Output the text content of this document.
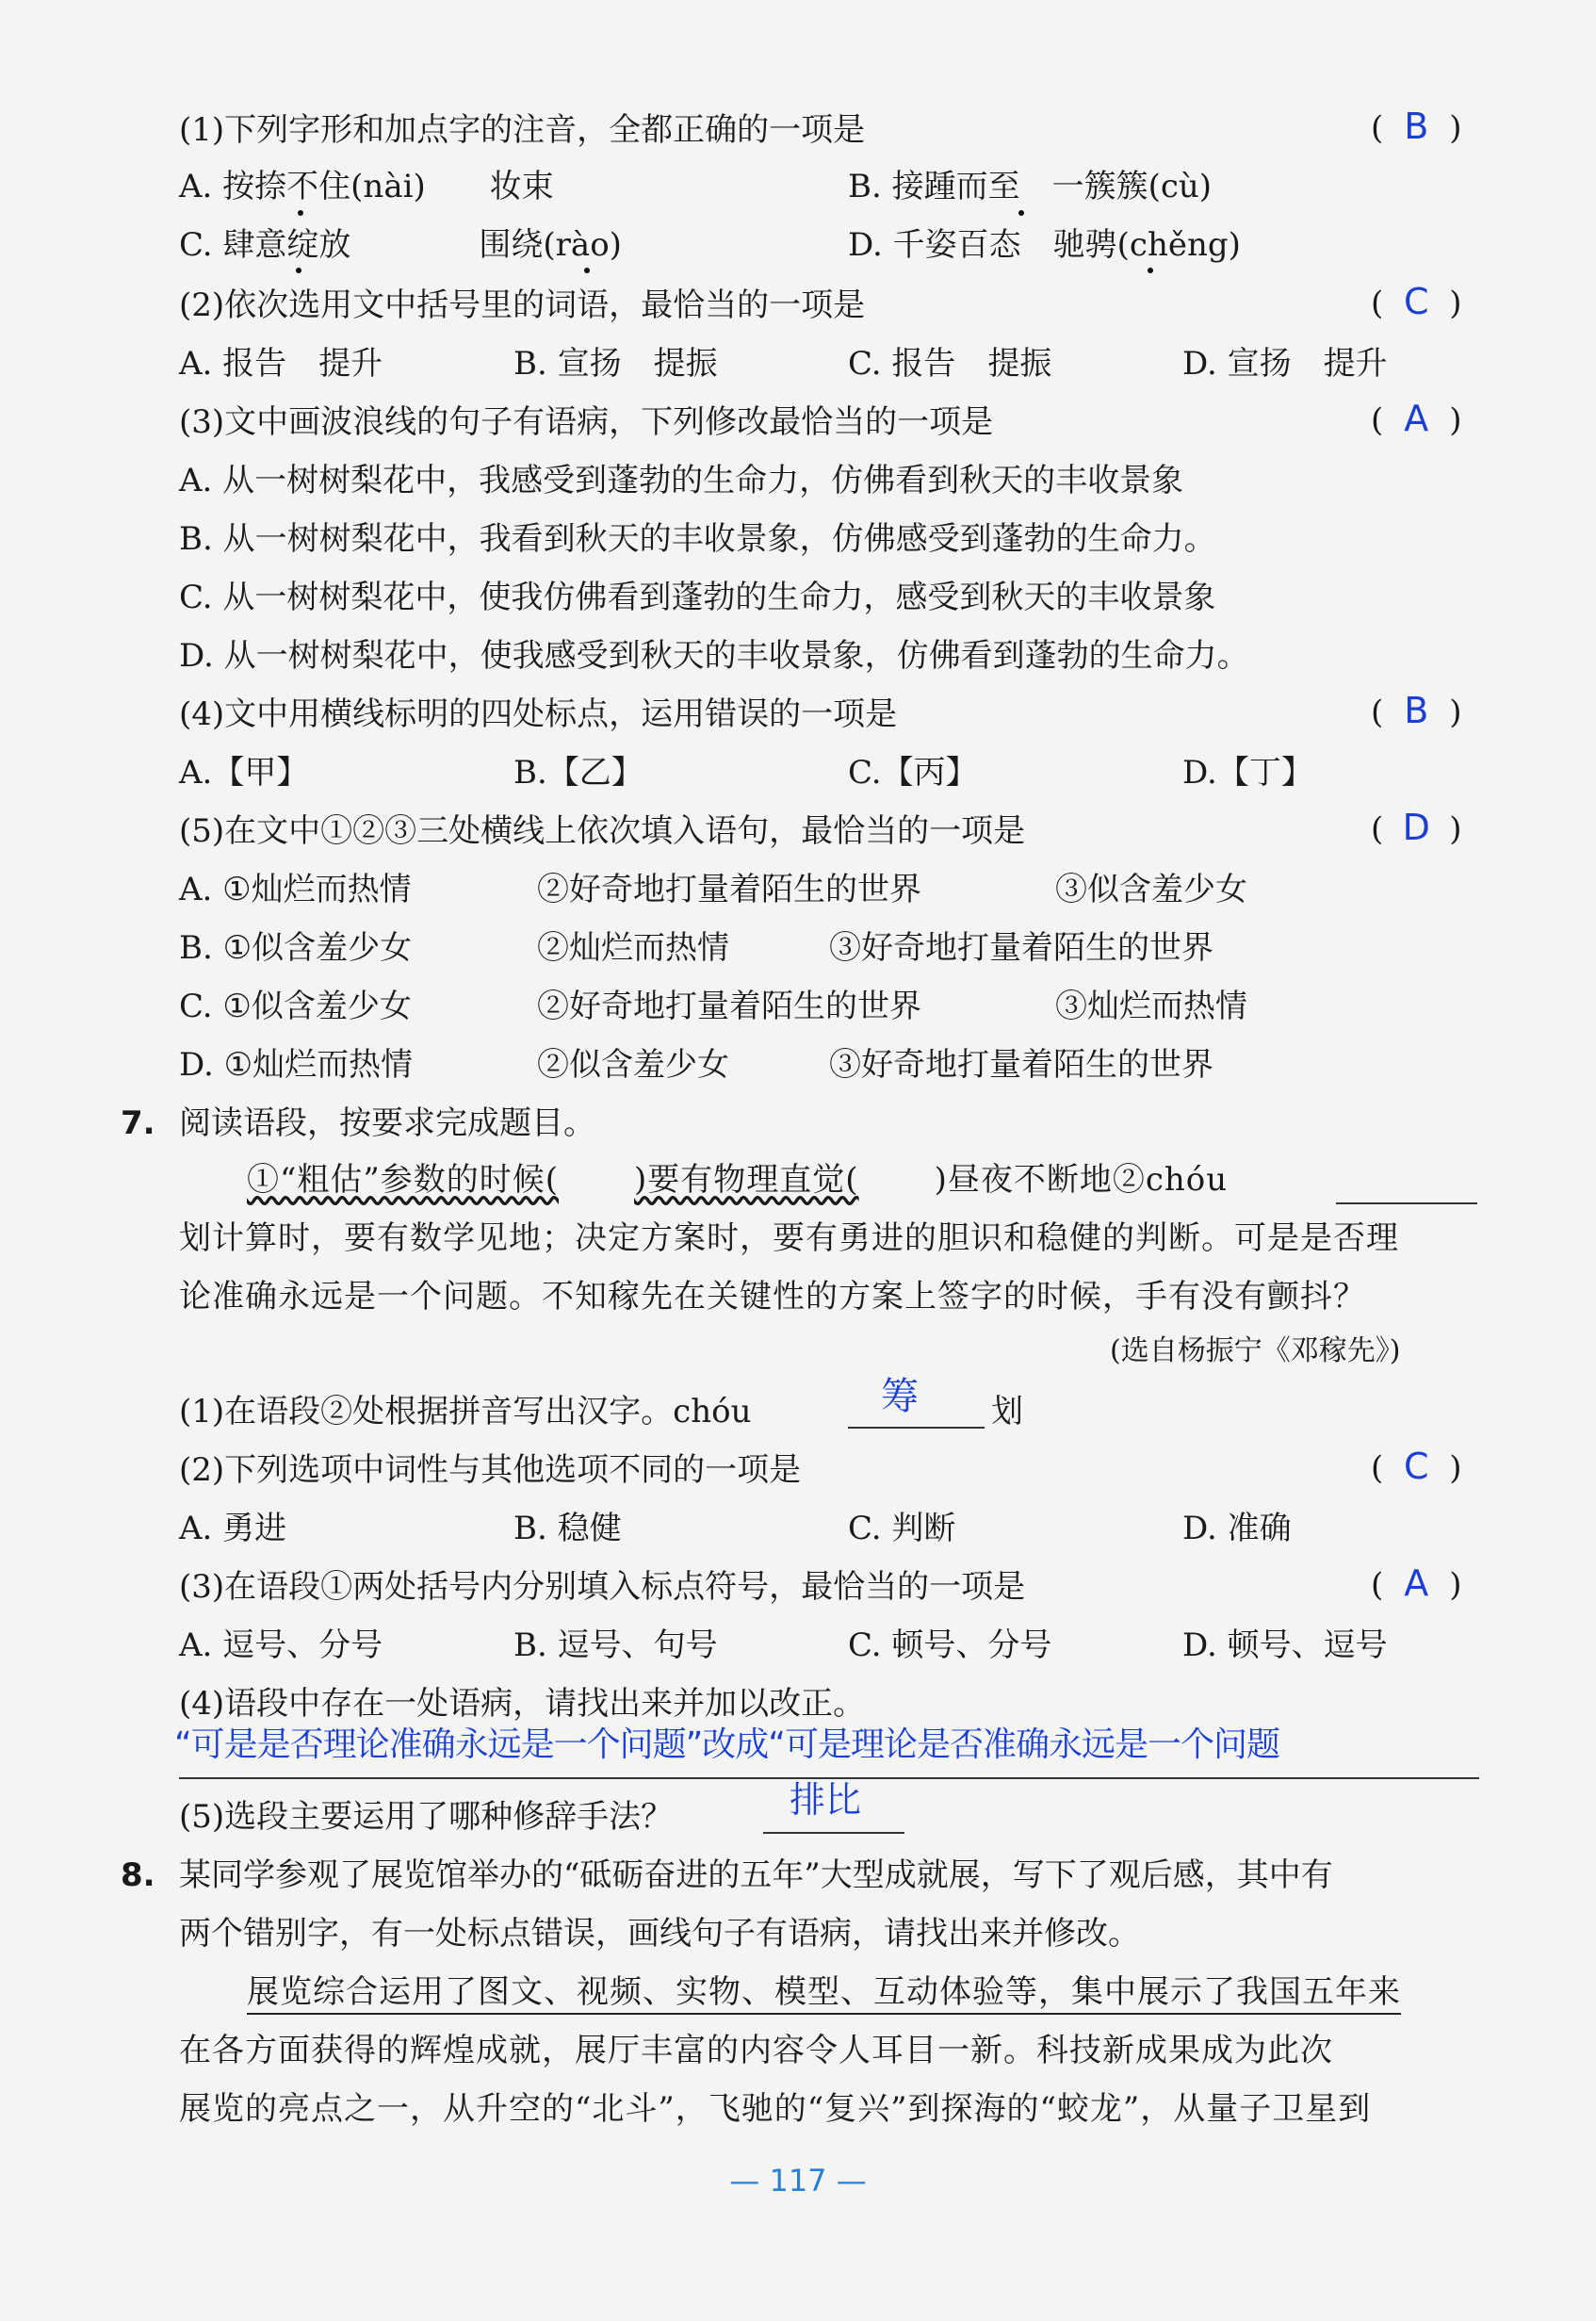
(1)下列字形和加点字的注音，全都正确的一项是	( B )
A. 按捺不住(nài)　　妆束	B. 接踵而至　一簇簇(cù)
C. 肆意绽放　　　　围绕(rào)	D. 千姿百态　驰骋(chěng)
(2)依次选用文中括号里的词语，最恰当的一项是	( C )
A. 报告　提升	B. 宣扬　提振	C. 报告　提振	D. 宣扬　提升
(3)文中画波浪线的句子有语病，下列修改最恰当的一项是	( A )
A. 从一树树梨花中，我感受到蓬勃的生命力，仿佛看到秋天的丰收景象
B. 从一树树梨花中，我看到秋天的丰收景象，仿佛感受到蓬勃的生命力。
C. 从一树树梨花中，使我仿佛看到蓬勃的生命力，感受到秋天的丰收景象
D. 从一树树梨花中，使我感受到秋天的丰收景象，仿佛看到蓬勃的生命力。
(4)文中用横线标明的四处标点，运用错误的一项是	( B )
A.【甲】	B.【乙】	C.【丙】	D.【丁】
(5)在文中①②③三处横线上依次填入语句，最恰当的一项是	( D )
A. ①灿烂而热情	②好奇地打量着陌生的世界	③似含羞少女
B. ①似含羞少女	②灿烂而热情	③好奇地打量着陌生的世界
C. ①似含羞少女	②好奇地打量着陌生的世界	③灿烂而热情
D. ①灿烂而热情	②似含羞少女	③好奇地打量着陌生的世界
7. 阅读语段，按要求完成题目。
①“粗估”参数的时候( )要有物理直觉( )昼夜不断地②chóu
划计算时，要有数学见地；决定方案时，要有勇进的胆识和稳健的判断。可是是否理
论准确永远是一个问题。不知稼先在关键性的方案上签字的时候，手有没有颤抖？
(选自杨振宁《邓稼先》)
(1)在语段②处根据拼音写出汉字。chóu	筹 划
(2)下列选项中词性与其他选项不同的一项是	( C )
A. 勇进	B. 稳健	C. 判断	D. 准确
(3)在语段①两处括号内分别填入标点符号，最恰当的一项是	( A )
A. 逗号、分号	B. 逗号、句号	C. 顿号、分号	D. 顿号、逗号
(4)语段中存在一处语病，请找出来并加以改正。
“可是是否理论准确永远是一个问题”改成“可是理论是否准确永远是一个问题
(5)选段主要运用了哪种修辞手法？	排比
8. 某同学参观了展览馆举办的“砥砺奋进的五年”大型成就展，写下了观后感，其中有
两个错别字，有一处标点错误，画线句子有语病，请找出来并修改。
展览综合运用了图文、视频、实物、模型、互动体验等，集中展示了我国五年来
在各方面获得的辉煌成就，展厅丰富的内容令人耳目一新。科技新成果成为此次
展览的亮点之一，从升空的“北斗”，飞驰的“复兴”到探海的“蛟龙”，从量子卫星到
— 117 —
